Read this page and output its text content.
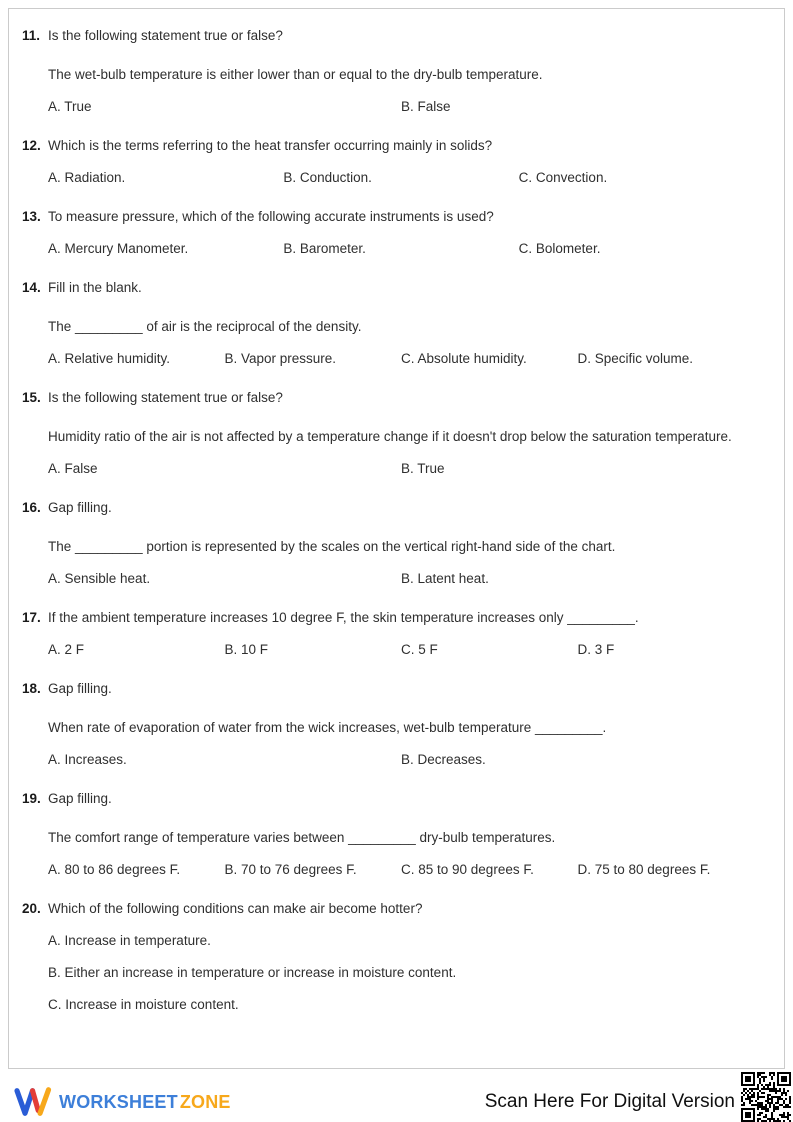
11. Is the following statement true or false?
The wet-bulb temperature is either lower than or equal to the dry-bulb temperature.
A. True	B. False
12. Which is the terms referring to the heat transfer occurring mainly in solids?
A. Radiation.	B. Conduction.	C. Convection.
13. To measure pressure, which of the following accurate instruments is used?
A. Mercury Manometer.	B. Barometer.	C. Bolometer.
14. Fill in the blank.
The _________ of air is the reciprocal of the density.
A. Relative humidity.	B. Vapor pressure.	C. Absolute humidity.	D. Specific volume.
15. Is the following statement true or false?
Humidity ratio of the air is not affected by a temperature change if it doesn't drop below the saturation temperature.
A. False	B. True
16. Gap filling.
The _________ portion is represented by the scales on the vertical right-hand side of the chart.
A. Sensible heat.	B. Latent heat.
17. If the ambient temperature increases 10 degree F, the skin temperature increases only _________.
A. 2 F	B. 10 F	C. 5 F	D. 3 F
18. Gap filling.
When rate of evaporation of water from the wick increases, wet-bulb temperature _________.
A. Increases.	B. Decreases.
19. Gap filling.
The comfort range of temperature varies between _________ dry-bulb temperatures.
A. 80 to 86 degrees F.	B. 70 to 76 degrees F.	C. 85 to 90 degrees F.	D. 75 to 80 degrees F.
20. Which of the following conditions can make air become hotter?
A. Increase in temperature.
B. Either an increase in temperature or increase in moisture content.
C. Increase in moisture content.
WORKSHEET ZONE	Scan Here For Digital Version
